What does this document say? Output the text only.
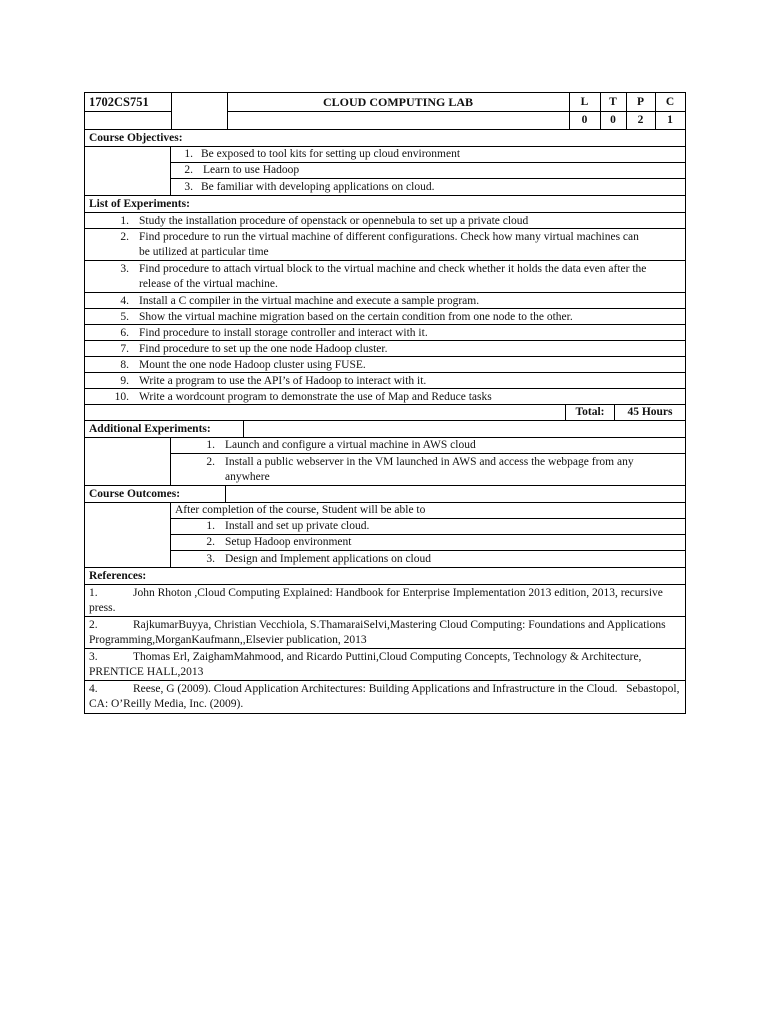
1702CS751	CLOUD COMPUTING LAB	L	T	P	C
0	0	2	1
Course Objectives:
1. Be exposed to tool kits for setting up cloud environment
2. Learn to use Hadoop
3. Be familiar with developing applications on cloud.
List of Experiments:
1. Study the installation procedure of openstack or opennebula to set up a private cloud
2. Find procedure to run the virtual machine of different configurations. Check how many virtual machines can be utilized at particular time
3. Find procedure to attach virtual block to the virtual machine and check whether it holds the data even after the release of the virtual machine.
4. Install a C compiler in the virtual machine and execute a sample program.
5. Show the virtual machine migration based on the certain condition from one node to the other.
6. Find procedure to install storage controller and interact with it.
7. Find procedure to set up the one node Hadoop cluster.
8. Mount the one node Hadoop cluster using FUSE.
9. Write a program to use the API’s of Hadoop to interact with it.
10. Write a wordcount program to demonstrate the use of Map and Reduce tasks
Total:	45 Hours
Additional Experiments:
1. Launch and configure a virtual machine in AWS cloud
2. Install a public webserver in the VM launched in AWS and access the webpage from any anywhere
Course Outcomes:
After completion of the course, Student will be able to
1. Install and set up private cloud.
2. Setup Hadoop environment
3. Design and Implement applications on cloud
References:
1.	John Rhoton ,Cloud Computing Explained: Handbook for Enterprise Implementation 2013 edition, 2013, recursive press.
2.	RajkumarBuyya, Christian Vecchiola, S.ThamaraiSelvi,Mastering Cloud Computing: Foundations and Applications Programming,MorganKaufmann,,Elsevier publication, 2013
3.	Thomas Erl, ZaighamMahmood, and Ricardo Puttini,Cloud Computing Concepts, Technology & Architecture, PRENTICE HALL,2013
4.	Reese, G (2009). Cloud Application Architectures: Building Applications and Infrastructure in the Cloud.   Sebastopol, CA: O’Reilly Media, Inc. (2009).
